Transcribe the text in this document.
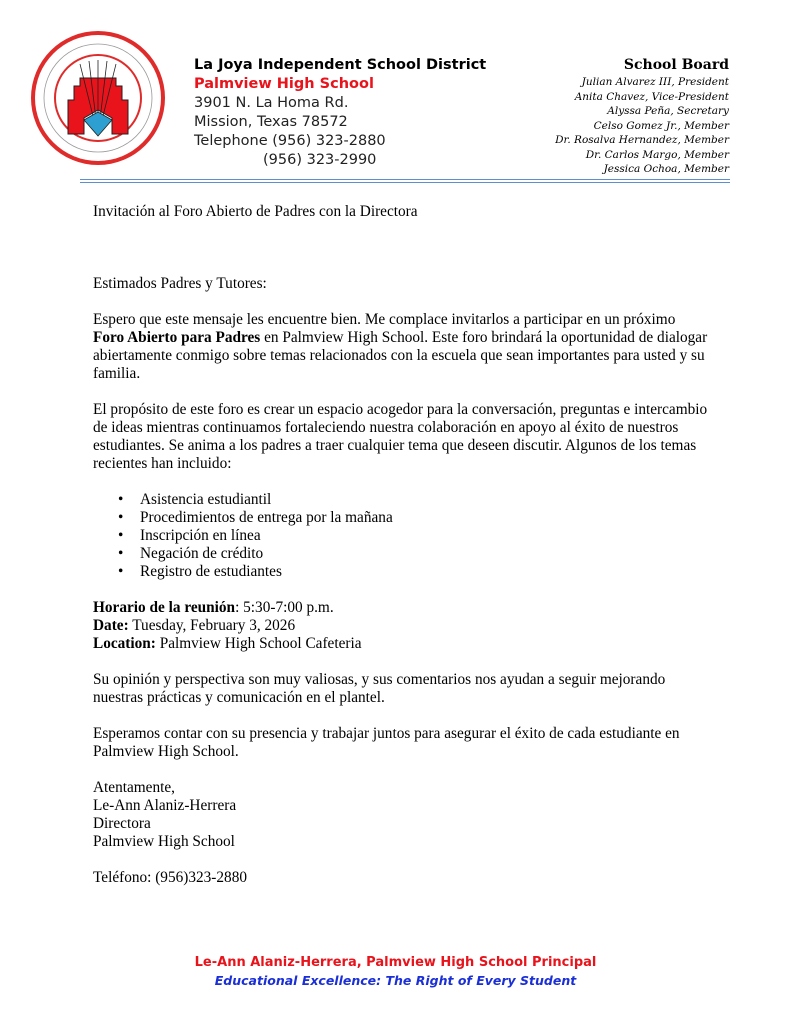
La Joya Independent School District
Palmview High School
3901 N. La Homa Rd.
Mission, Texas 78572
Telephone (956) 323-2880
(956) 323-2990
School Board
Julian Alvarez III, President
Anita Chavez, Vice-President
Alyssa Peña, Secretary
Celso Gomez Jr., Member
Dr. Rosalva Hernandez, Member
Dr. Carlos Margo, Member
Jessica Ochoa, Member

Invitación al Foro Abierto de Padres con la Directora

Estimados Padres y Tutores:

Espero que este mensaje les encuentre bien. Me complace invitarlos a participar en un próximo Foro Abierto para Padres en Palmview High School. Este foro brindará la oportunidad de dialogar abiertamente conmigo sobre temas relacionados con la escuela que sean importantes para usted y su familia.

El propósito de este foro es crear un espacio acogedor para la conversación, preguntas e intercambio de ideas mientras continuamos fortaleciendo nuestra colaboración en apoyo al éxito de nuestros estudiantes. Se anima a los padres a traer cualquier tema que deseen discutir. Algunos de los temas recientes han incluido:

• Asistencia estudiantil
• Procedimientos de entrega por la mañana
• Inscripción en línea
• Negación de crédito
• Registro de estudiantes

Horario de la reunión: 5:30-7:00 p.m.

Date: Tuesday, February 3, 2026

Location: Palmview High School Cafeteria

Su opinión y perspectiva son muy valiosas, y sus comentarios nos ayudan a seguir mejorando nuestras prácticas y comunicación en el plantel.

Esperamos contar con su presencia y trabajar juntos para asegurar el éxito de cada estudiante en Palmview High School.

Atentamente,

Le-Ann Alaniz-Herrera

Directora

Palmview High School

Teléfono: (956)323-2880

Le-Ann Alaniz-Herrera, Palmview High School Principal
Educational Excellence: The Right of Every Student
